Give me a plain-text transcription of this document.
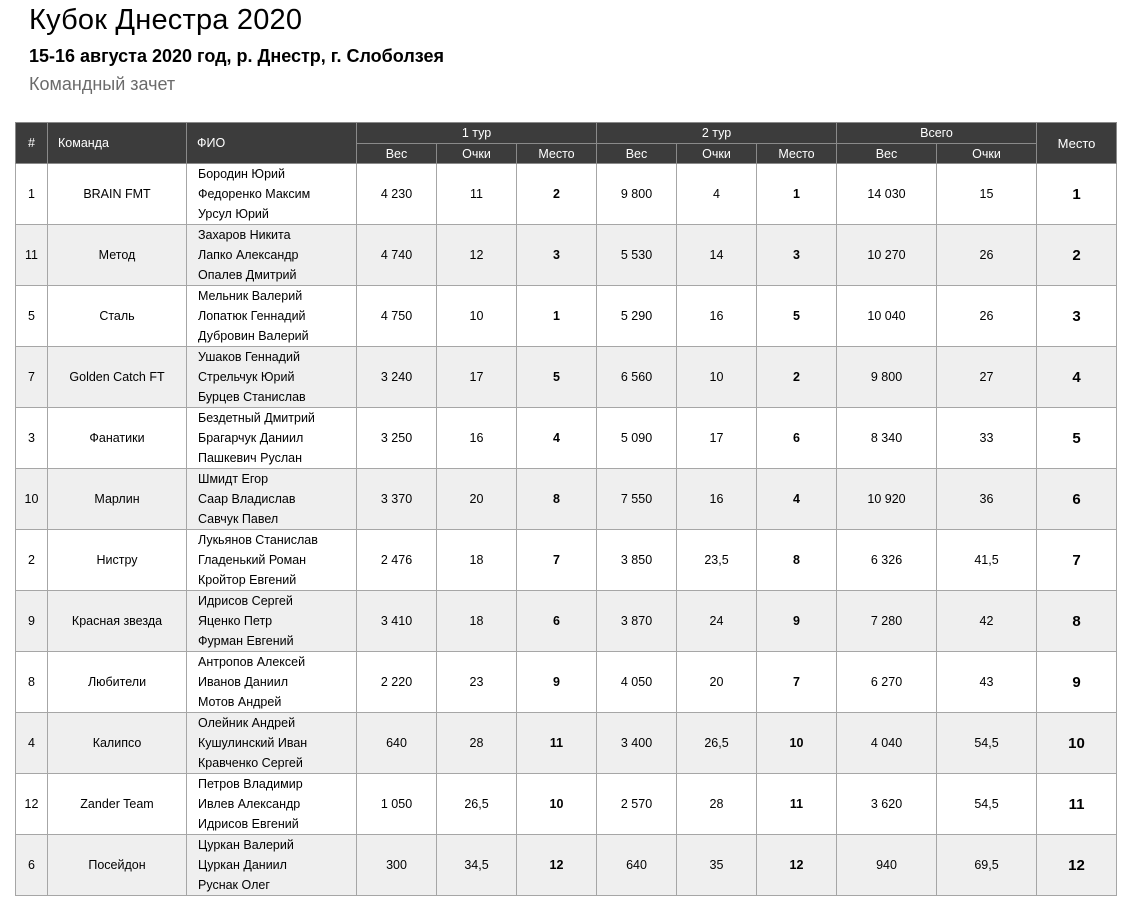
Кубок Днестра 2020
15-16 августа 2020 год, р. Днестр, г. Слоболзея
Командный зачет
#	Команда	ФИО	1 тур			2 тур			Всего		Место
			Вес	Очки	Место	Вес	Очки	Место	Вес	Очки	
1	BRAIN FMT	Бородин Юрий
Федоренко Максим
Урсул Юрий	4 230	11	2	9 800	4	1	14 030	15	1
11	Метод	Захаров Никита
Лапко Александр
Опалев Дмитрий	4 740	12	3	5 530	14	3	10 270	26	2
5	Сталь	Мельник Валерий
Лопатюк Геннадий
Дубровин Валерий	4 750	10	1	5 290	16	5	10 040	26	3
7	Golden Catch FT	Ушаков Геннадий
Стрельчук Юрий
Бурцев Станислав	3 240	17	5	6 560	10	2	9 800	27	4
3	Фанатики	Бездетный Дмитрий
Брагарчук Даниил
Пашкевич Руслан	3 250	16	4	5 090	17	6	8 340	33	5
10	Марлин	Шмидт Егор
Саар Владислав
Савчук Павел	3 370	20	8	7 550	16	4	10 920	36	6
2	Нистру	Лукьянов Станислав
Гладенький Роман
Кройтор Евгений	2 476	18	7	3 850	23,5	8	6 326	41,5	7
9	Красная звезда	Идрисов Сергей
Яценко Петр
Фурман Евгений	3 410	18	6	3 870	24	9	7 280	42	8
8	Любители	Антропов Алексей
Иванов Даниил
Мотов Андрей	2 220	23	9	4 050	20	7	6 270	43	9
4	Калипсо	Олейник Андрей
Кушулинский Иван
Кравченко Сергей	640	28	11	3 400	26,5	10	4 040	54,5	10
12	Zander Team	Петров Владимир
Ивлев Александр
Идрисов Евгений	1 050	26,5	10	2 570	28	11	3 620	54,5	11
6	Посейдон	Цуркан Валерий
Цуркан Даниил
Руснак Олег	300	34,5	12	640	35	12	940	69,5	12
